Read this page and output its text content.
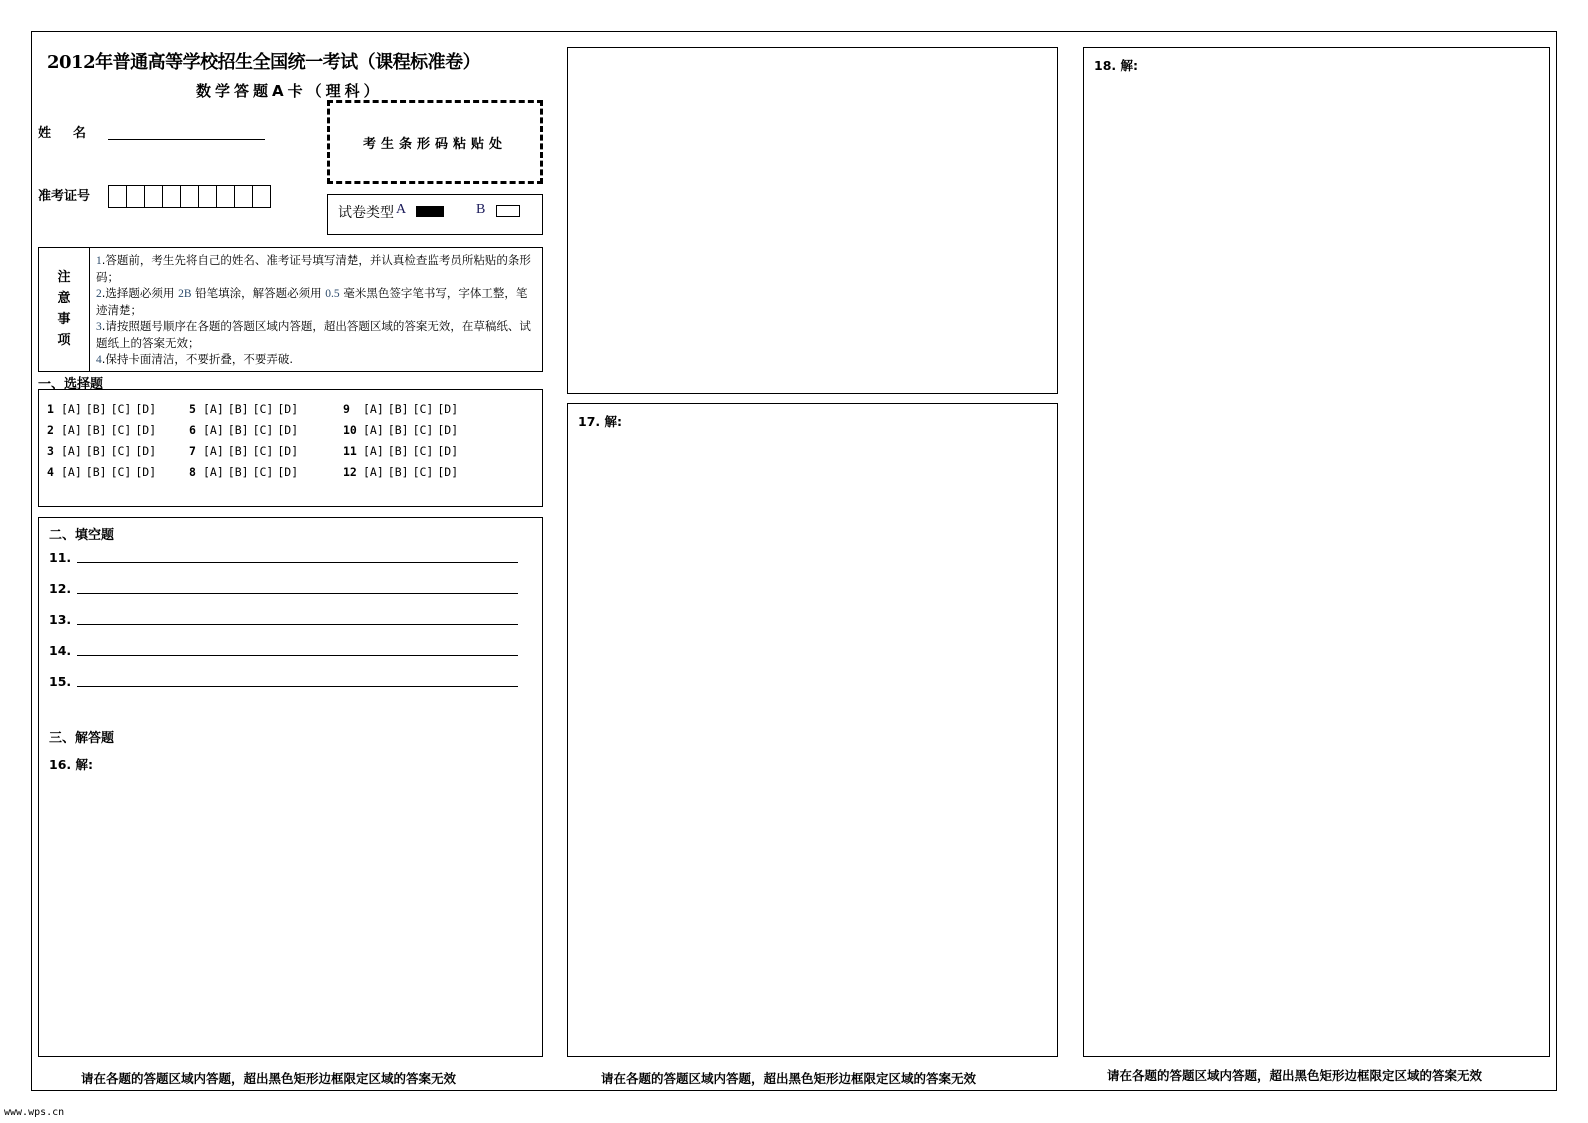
2012年普通高等学校招生全国统一考试（课程标准卷）
数学答题A卡（理科）
姓名
准考证号
考生条形码粘贴处
试卷类型 A	B
注
意
事
项
1.答题前，考生先将自己的姓名、准考证号填写清楚，并认真检查监考员所粘贴的条形码；
2.选择题必须用 2B 铅笔填涂，解答题必须用 0.5 毫米黑色签字笔书写，字体工整，笔迹清楚；
3.请按照题号顺序在各题的答题区域内答题，超出答题区域的答案无效，在草稿纸、试题纸上的答案无效；
4.保持卡面清洁，不要折叠，不要弄破.
一、选择题
1 [A] [B] [C] [D]
2 [A] [B] [C] [D]
3 [A] [B] [C] [D]
4 [A] [B] [C] [D]
5 [A] [B] [C] [D]
6 [A] [B] [C] [D]
7 [A] [B] [C] [D]
8 [A] [B] [C] [D]
9	[A] [B] [C] [D]
10 [A] [B] [C] [D]
11 [A] [B] [C] [D]
12 [A] [B] [C] [D]
二、填空题
11.
12.
13.
14.
15.
三、解答题
16. 解:
17. 解:
18. 解:
请在各题的答题区域内答题，超出黑色矩形边框限定区域的答案无效	请在各题的答题区域内答题，超出黑色矩形边框限定区域的答案无效	请在各题的答题区域内答题，超出黑色矩形边框限定区域的答案无效
www.wps.cn
